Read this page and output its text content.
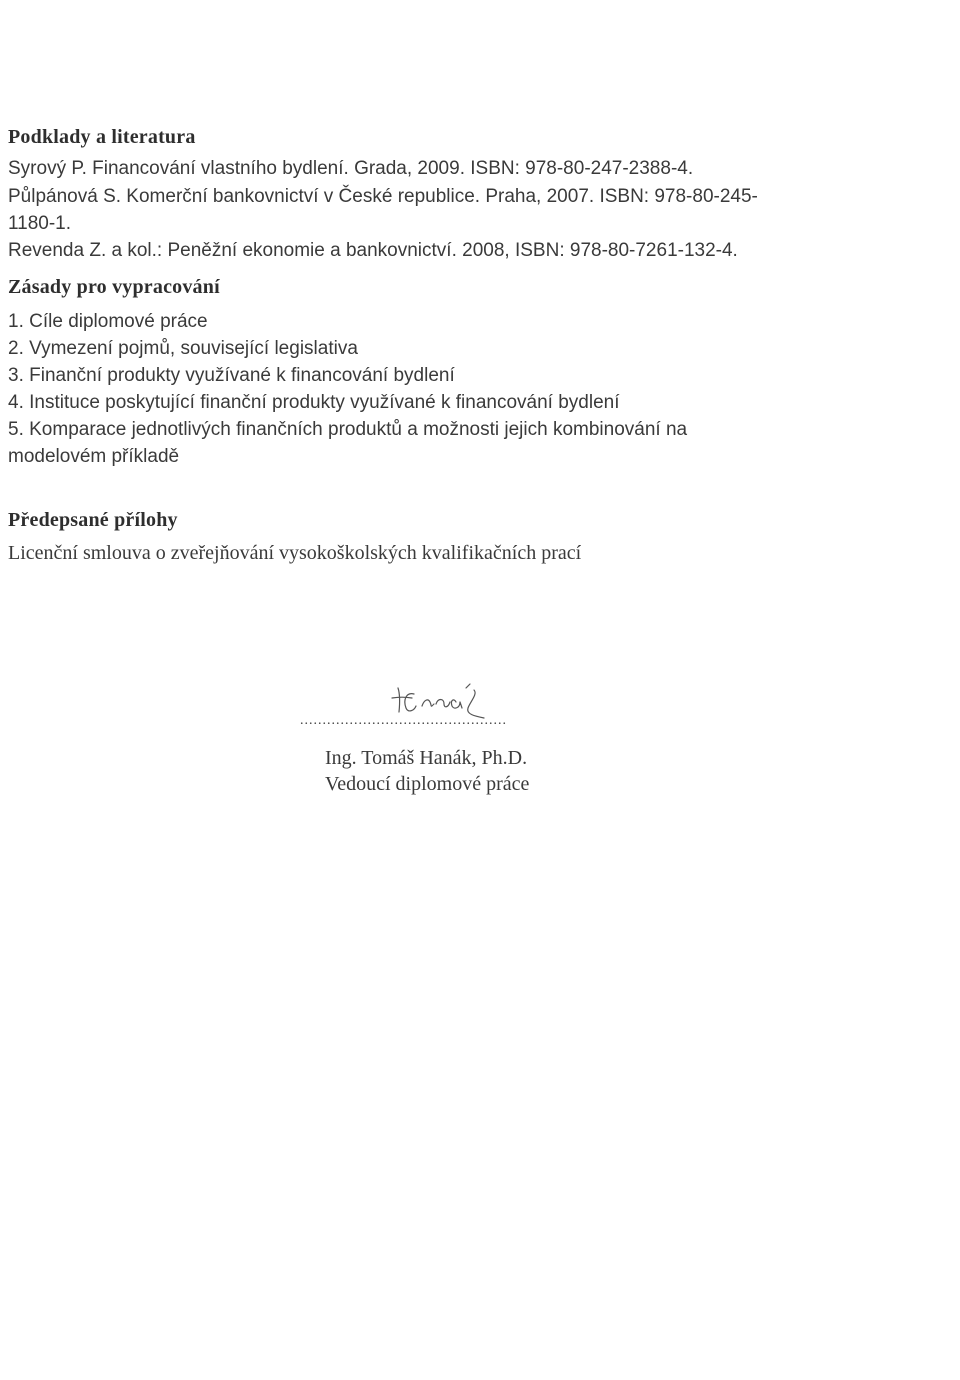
Podklady a literatura

Syrový P. Financování vlastního bydlení. Grada, 2009. ISBN: 978-80-247-2388-4.

Půlpánová S. Komerční bankovnictví v České republice. Praha, 2007. ISBN: 978-80-245-

1180-1.

Revenda Z. a kol.: Peněžní ekonomie a bankovnictví. 2008, ISBN: 978-80-7261-132-4.

Zásady pro vypracování

1. Cíle diplomové práce

2. Vymezení pojmů, související legislativa

3. Finanční produkty využívané k financování bydlení

4. Instituce poskytující finanční produkty využívané k financování bydlení

5. Komparace jednotlivých finančních produktů a možnosti jejich kombinování na

modelovém příkladě

Předepsané přílohy

Licenční smlouva o zveřejňování vysokoškolských kvalifikačních prací

..............................................

Ing. Tomáš Hanák, Ph.D.

Vedoucí diplomové práce
